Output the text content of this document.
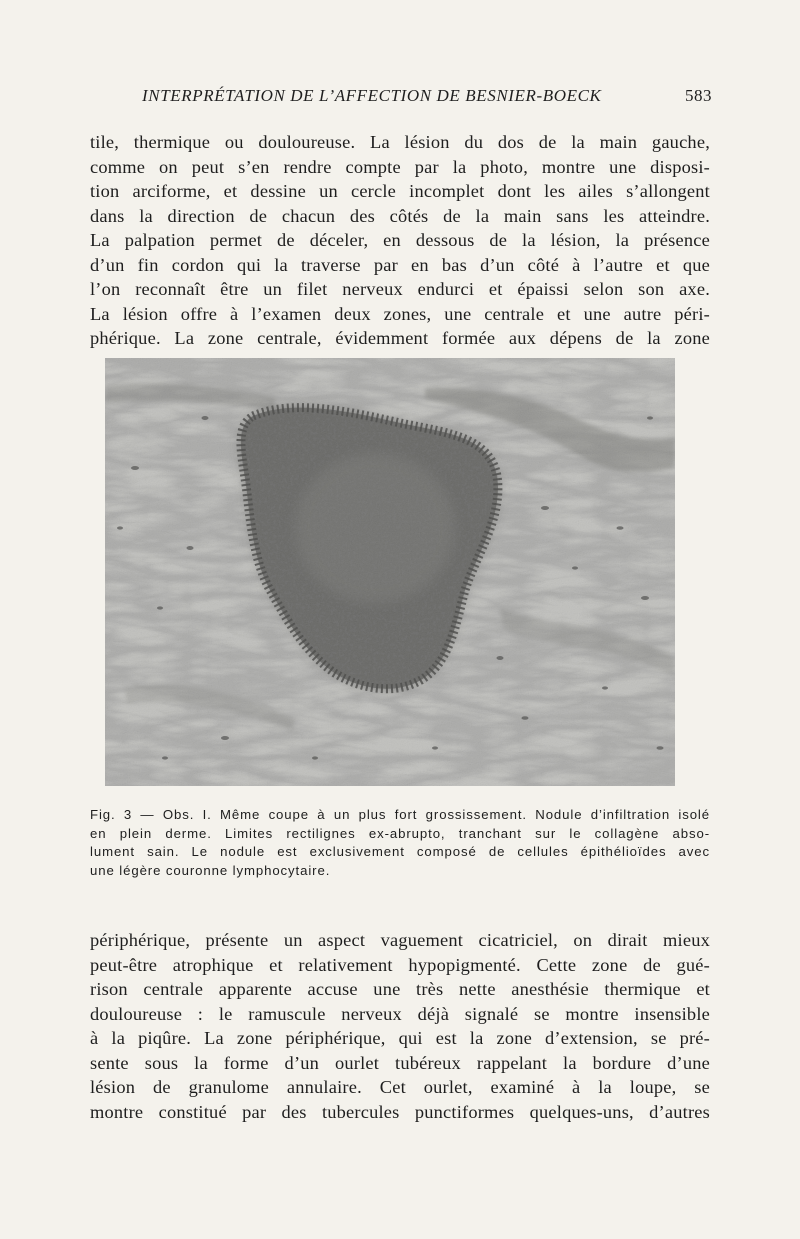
INTERPRÉTATION DE L’AFFECTION DE BESNIER-BOECK	583
tile, thermique ou douloureuse. La lésion du dos de la main gauche,
comme on peut s’en rendre compte par la photo, montre une disposi-
tion arciforme, et dessine un cercle incomplet dont les ailes s’allongent
dans la direction de chacun des côtés de la main sans les atteindre.
La palpation permet de déceler, en dessous de la lésion, la présence
d’un fin cordon qui la traverse par en bas d’un côté à l’autre et que
l’on reconnaît être un filet nerveux endurci et épaissi selon son axe.
La lésion offre à l’examen deux zones, une centrale et une autre péri-
phérique. La zone centrale, évidemment formée aux dépens de la zone
Fig. 3 — Obs. I. Même coupe à un plus fort grossissement. Nodule d’infiltration isolé
en plein derme. Limites rectilignes ex-abrupto, tranchant sur le collagène abso-
lument sain. Le nodule est exclusivement composé de cellules épithélioïdes avec
une légère couronne lymphocytaire.
périphérique, présente un aspect vaguement cicatriciel, on dirait mieux
peut-être atrophique et relativement hypopigmenté. Cette zone de gué-
rison centrale apparente accuse une très nette anesthésie thermique et
douloureuse : le ramuscule nerveux déjà signalé se montre insensible
à la piqûre. La zone périphérique, qui est la zone d’extension, se pré-
sente sous la forme d’un ourlet tubéreux rappelant la bordure d’une
lésion de granulome annulaire. Cet ourlet, examiné à la loupe, se
montre constitué par des tubercules punctiformes quelques-uns, d’autres
